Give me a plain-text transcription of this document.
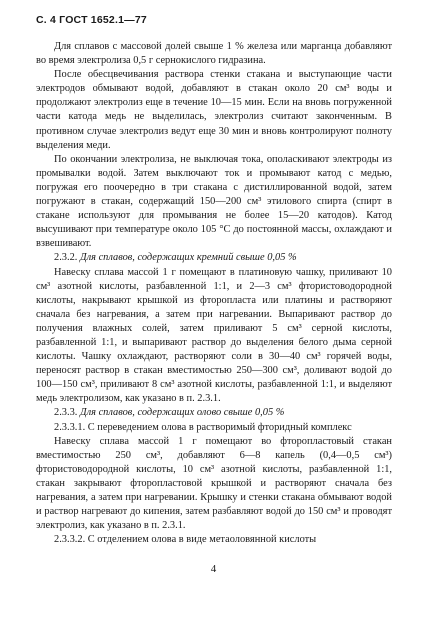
С. 4 ГОСТ 1652.1—77

Для сплавов с массовой долей свыше 1 % железа или марганца добавляют во время электролиза 0,5 г сернокислого гидразина.

После обесцвечивания раствора стенки стакана и выступающие части электродов обмывают водой, добавляют в стакан около 20 см³ воды и продолжают электролиз еще в течение 10—15 мин. Если на вновь погруженной части катода медь не выделилась, электролиз считают законченным. В противном случае электролиз ведут еще 30 мин и вновь контролируют полноту выделения меди.

По окончании электролиза, не выключая тока, ополаскивают электроды из промывалки водой. Затем выключают ток и промывают катод с медью, погружая его поочередно в три стакана с дистиллированной водой, затем погружают в стакан, содержащий 150—200 см³ этилового спирта (спирт в стакане используют для промывания не более 15—20 катодов). Катод высушивают при температуре около 105 °С до постоянной массы, охлаждают и взвешивают.

2.3.2. Для сплавов, содержащих кремний свыше 0,05 %

Навеску сплава массой 1 г помещают в платиновую чашку, приливают 10 см³ азотной кислоты, разбавленной 1:1, и 2—3 см³ фтористоводородной кислоты, накрывают крышкой из фторопласта или платины и растворяют сначала без нагревания, а затем при нагревании. Выпаривают раствор до получения влажных солей, затем приливают 5 см³ серной кислоты, разбавленной 1:1, и выпаривают раствор до выделения белого дыма серной кислоты. Чашку охлаждают, растворяют соли в 30—40 см³ горячей воды, переносят раствор в стакан вместимостью 250—300 см³, доливают водой до 100—150 см³, приливают 8 см³ азотной кислоты, разбавленной 1:1, и выделяют медь электролизом, как указано в п. 2.3.1.

2.3.3. Для сплавов, содержащих олово свыше 0,05 %

2.3.3.1. С переведением олова в растворимый фторидный комплекс

Навеску сплава массой 1 г помещают во фторопластовый стакан вместимостью 250 см³, добавляют 6—8 капель (0,4—0,5 см³) фтористоводородной кислоты, 10 см³ азотной кислоты, разбавленной 1:1, стакан закрывают фторопластовой крышкой и растворяют сначала без нагревания, а затем при нагревании. Крышку и стенки стакана обмывают водой и раствор нагревают до кипения, затем разбавляют водой до 150 см³ и проводят электролиз, как указано в п. 2.3.1.

2.3.3.2. С отделением олова в виде метаоловянной кислоты

4
